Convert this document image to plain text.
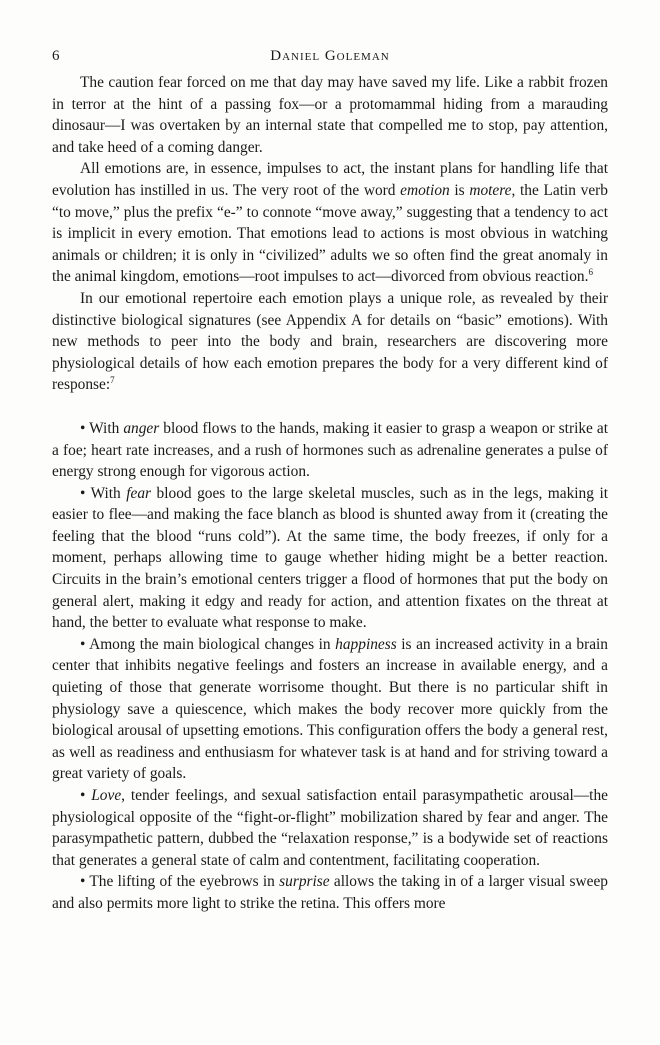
6	Daniel Goleman

The caution fear forced on me that day may have saved my life. Like a rabbit frozen in terror at the hint of a passing fox—or a protomammal hiding from a marauding dinosaur—I was overtaken by an internal state that compelled me to stop, pay attention, and take heed of a coming danger.

All emotions are, in essence, impulses to act, the instant plans for handling life that evolution has instilled in us. The very root of the word emotion is motere, the Latin verb “to move,” plus the prefix “e-” to connote “move away,” suggesting that a tendency to act is implicit in every emotion. That emotions lead to actions is most obvious in watching animals or children; it is only in “civilized” adults we so often find the great anomaly in the animal kingdom, emotions—root impulses to act—divorced from obvious reaction.$^6$

In our emotional repertoire each emotion plays a unique role, as revealed by their distinctive biological signatures (see Appendix A for details on “basic” emotions). With new methods to peer into the body and brain, researchers are discovering more physiological details of how each emotion prepares the body for a very different kind of response:$^7$

• With anger blood flows to the hands, making it easier to grasp a weapon or strike at a foe; heart rate increases, and a rush of hormones such as adrenaline generates a pulse of energy strong enough for vigorous action.

• With fear blood goes to the large skeletal muscles, such as in the legs, making it easier to flee—and making the face blanch as blood is shunted away from it (creating the feeling that the blood “runs cold”). At the same time, the body freezes, if only for a moment, perhaps allowing time to gauge whether hiding might be a better reaction. Circuits in the brain’s emotional centers trigger a flood of hormones that put the body on general alert, making it edgy and ready for action, and attention fixates on the threat at hand, the better to evaluate what response to make.

• Among the main biological changes in happiness is an increased activity in a brain center that inhibits negative feelings and fosters an increase in available energy, and a quieting of those that generate worrisome thought. But there is no particular shift in physiology save a quiescence, which makes the body recover more quickly from the biological arousal of upsetting emotions. This configuration offers the body a general rest, as well as readiness and enthusiasm for whatever task is at hand and for striving toward a great variety of goals.

• Love, tender feelings, and sexual satisfaction entail parasympathetic arousal—the physiological opposite of the “fight-or-flight” mobilization shared by fear and anger. The parasympathetic pattern, dubbed the “relaxation response,” is a bodywide set of reactions that generates a general state of calm and contentment, facilitating cooperation.

• The lifting of the eyebrows in surprise allows the taking in of a larger visual sweep and also permits more light to strike the retina. This offers more
